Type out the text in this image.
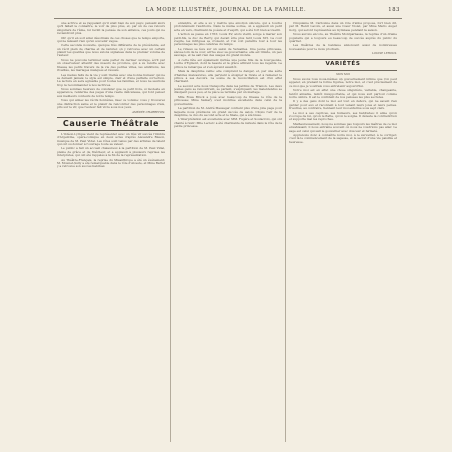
LA MODE ILLUSTRÉE, JOURNAL DE LA FAMILLE.	183

une actrice et se rappelant qu'il était bien de son pays; pensant alors qu'il fallait le connaître, le voir de plus près, et, par un de ces retours singuliers de l'âme, lui revint la pensée de son enfance, ces jours qui ne reviendront plus.

Oh! qu'il en soit ainsi désormais de ces choses que le temps emporte, qui ne laissent rien qu'un souvenir vague.

Cette seconde nouvelle, quoique très différente de la précédente, est un récit plein de charme et de naturel; on y retrouve avec un certain plaisir les qualités que nous avions signalées dans le premier volume de l'auteur.

Nous ne pouvons terminer sans parler du dernier ouvrage, écrit par un observateur attentif des mœurs de province, qui a su rendre avec finesse les petits travers de la vie des petites villes, les ambitions, les rivalités, les mariages manqués et réussis.

Les menus faits de la vie y sont traités avec une bonne humeur qui ne se dément jamais; le style est simple, clair et d'une parfaite correction. La lecture en sera agréable pour toutes les familles, et nous ne saurions trop la recommander à nos lectrices.

Nous sommes heureux de constater que ce petit livre, si modeste en apparence, renferme des pages d'une réelle délicatesse, qui font penser aux meilleurs conteurs de notre temps.

Vous qui aimez les récits honnêtes, lisez ce volume: vous y trouverez une distraction saine et le plaisir de rencontrer des personnages vrais, pris sur le vif, que l'auteur fait vivre sous nos yeux.

AMÉDÉE CHARRETON.
Causerie Théâtrale

L'Odéon-Lyrique vient de représenter avec un très vif succès l'Ombre d'Argentine, opéra-comique en deux actes d'après Alexandre Bisson, musique de M. Paul Vidal. Les rôles sont tenus par des artistes de talent qui ont su donner à l'ouvrage toute sa valeur.

Le public a fait un accueil chaleureux à la partition de M. Paul Vidal, pleine de grâce et de fraîcheur, et a applaudi à plusieurs reprises les interprètes, qui ont été rappelés à la fin de la représentation.

Au Théâtre-Français, la reprise du Misanthrope a été un événement; M. Mounet-Sully a été remarquable dans le rôle d'Alceste, et Mme Bartet y a retrouvé son succès habituel.

entendre, et elle a su y mettre une émotion sincère, qui a touché profondément l'auditoire. Dans la même soirée, on a applaudi un petit acte en vers, charmant de poésie et d'esprit, qui a été fort bien accueilli.

L'action se passe en 1763; Louis XV, alors vieilli, songe à marier son petit-fils, le duc de Berry, qui devait être plus tard Louis XVI. La cour s'agite, les intrigues se croisent, et l'on voit paraître tour à tour les personnages les plus célèbres du temps.

Le rideau se lève sur un salon de Versailles. Une jeune princesse, élevée loin de la cour, arrive avec sa gouvernante; elle est timide, un peu sauvage, et ne sait rien des usages du grand monde.

A cette fête est également invitée une jeune fille de la bourgeoisie, Lucile d'Egmont, dont la beauté et la grâce attirent tous les regards. Le prince la remarque et s'en éprend aussitôt.

Mais la dauphine veille: elle comprend le danger, et, par une série d'habiles manœuvres, elle parvient à éloigner la rivale et à ramener le prince à ses devoirs. La scène de la réconciliation est d'un effet charmant.

Le second acte nous transporte dans les jardins de Trianon. Les deux jeunes gens se rencontrent, se parlent, s'expliquent; les malentendus se dissipent peu à peu, et la pièce se termine par un mariage.

Mlle Rosa Bruck a joué avec beaucoup de finesse le rôle de la princesse; Mme Samary s'est montrée excellente dans celui de la gouvernante.

La partition de M. André Messager contient plus d'une jolie page pour laquelle nous prédisons un grand succès de salon. Citons l'air de la dauphine, le duo du second acte et le finale, qui a été bissé.

L'interprétation est excellente avec MM. Fugère et Soulacroix, qui ont chanté à ravir; Mlle Leclerc a été charmante de naïveté dans le rôle de la petite princesse.

Cinquième M. Carbonne dans un rôle d'abbé proposé, fort bien dit, par M. Henri Lavoix, et aussi une Cœur Violet, par Mme Mario Auger Gorg, qui seront représentés au Gymnase pendant la saison.

Nous aurons encore, au Théâtre Montparnasse, la reprise d'un drame populaire qui a toujours eu beaucoup de succès auprès du public du quartier.

Les théâtres de la banlieue annoncent aussi de nombreuses nouveautés pour le mois prochain.

LOUISE LEROUX.
VARIÉTÉS
MON MOI

Nous avons tous nous-mêmes un gouvernement intime que l'on peut appeler, en prenant la forme figurée, notre moi, et c'est précisément de ce moi que je voudrais vous entretenir aujourd'hui.

Notre moi est en effet une chose singulière, variable, changeante, tantôt aimable, tantôt insupportable, et qui nous suit partout comme notre ombre. Il est le confident de nos pensées les plus secrètes.

Il y a des gens dont le moi est tout en dehors, qui ne savent rien garder pour eux et racontent à tout venant leurs joies et leurs peines. D'autres, au contraire, tiennent leur moi enfermé sous sept clefs.

Le moi a ses caprices, ses humeurs, ses habitudes; il aime qu'on s'occupe de lui, qu'on le flatte, qu'on le soigne. Il déteste la contradiction et supporte mal les reproches.

Malheureusement, nous ne sommes pas toujours les maîtres de ce moi envahissant; il nous entraîne souvent où nous ne voudrions pas aller. Le sage est celui qui sait le gouverner avec douceur et fermeté.

Apprenons donc à connaître notre moi, à le surveiller, à le corriger; c'est là le commencement de la sagesse, et le secret d'une vie paisible et heureuse.
